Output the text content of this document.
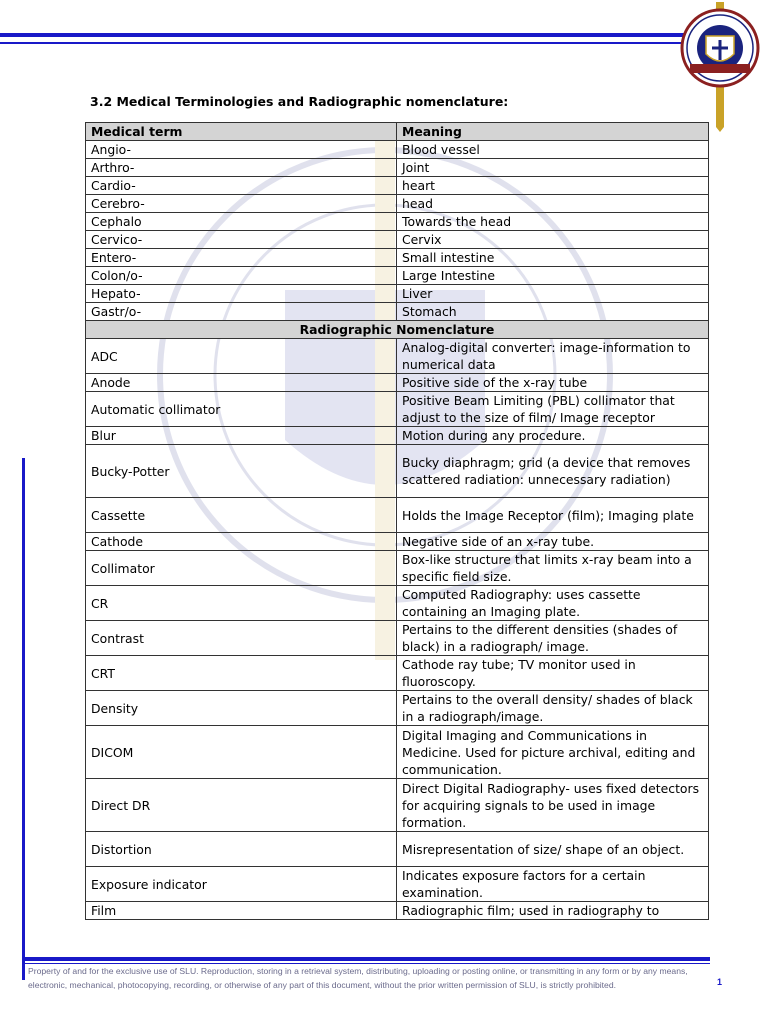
3.2 Medical Terminologies and Radiographic nomenclature:
Medical term	Meaning
Angio-	Blood vessel
Arthro-	Joint
Cardio-	heart
Cerebro-	head
Cephalo	Towards the head
Cervico-	Cervix
Entero-	Small intestine
Colon/o-	Large Intestine
Hepato-	Liver
Gastr/o-	Stomach
Radiographic Nomenclature	
ADC	Analog-digital converter: image-information to numerical data
Anode	Positive side of the x-ray tube
Automatic collimator	Positive Beam Limiting (PBL) collimator that adjust to the size of film/ Image receptor
Blur	Motion during any procedure.
Bucky-Potter	Bucky diaphragm; grid (a device that removes scattered radiation: unnecessary radiation)
Cassette	Holds the Image Receptor (film); Imaging plate
Cathode	Negative side of an x-ray tube.
Collimator	Box-like structure that limits x-ray beam into a specific field size.
CR	Computed Radiography: uses cassette containing an Imaging plate.
Contrast	Pertains to the different densities (shades of black) in a radiograph/ image.
CRT	Cathode ray tube; TV monitor used in fluoroscopy.
Density	Pertains to the overall density/ shades of black in a radiograph/image.
DICOM	Digital Imaging and Communications in Medicine. Used for picture archival, editing and communication.
Direct DR	Direct Digital Radiography- uses fixed detectors for acquiring signals to be used in image formation.
Distortion	Misrepresentation of size/ shape of an object.
Exposure indicator	Indicates exposure factors for a certain examination.
Film	Radiographic film; used in radiography to
Property of and for the exclusive use of SLU. Reproduction, storing in a retrieval system, distributing, uploading or posting online, or transmitting in any form or by any means, electronic, mechanical, photocopying, recording, or otherwise of any part of this document, without the prior written permission of SLU, is strictly prohibited.	1
